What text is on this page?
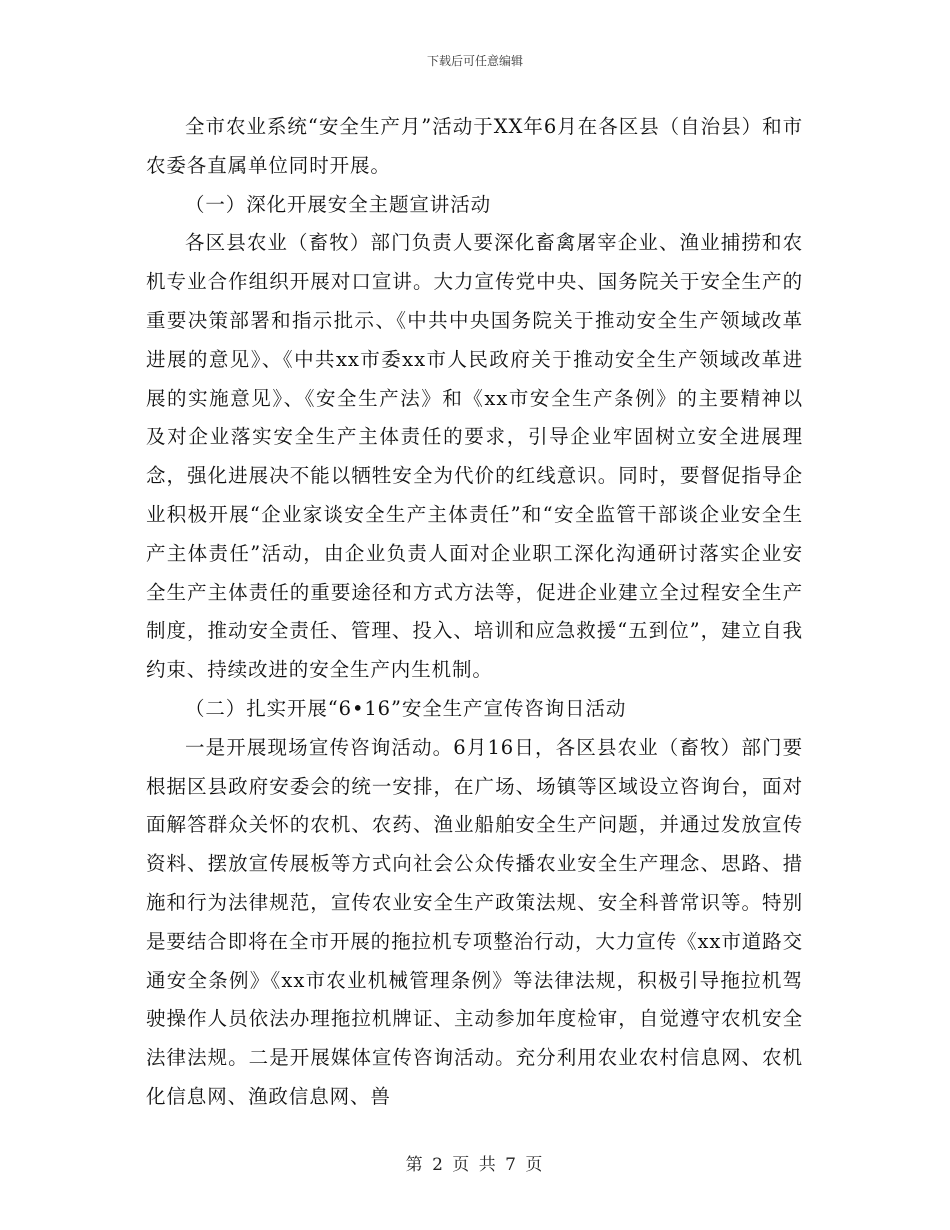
下载后可任意编辑

全市农业系统“安全生产月”活动于XX年6月在各区县（自治县）和市农委各直属单位同时开展。

（一）深化开展安全主题宣讲活动

各区县农业（畜牧）部门负责人要深化畜禽屠宰企业、渔业捕捞和农机专业合作组织开展对口宣讲。大力宣传党中央、国务院关于安全生产的重要决策部署和指示批示、《中共中央国务院关于推动安全生产领域改革进展的意见》、《中共xx市委xx市人民政府关于推动安全生产领域改革进展的实施意见》、《安全生产法》和《xx市安全生产条例》的主要精神以及对企业落实安全生产主体责任的要求，引导企业牢固树立安全进展理念，强化进展决不能以牺牲安全为代价的红线意识。同时，要督促指导企业积极开展“企业家谈安全生产主体责任”和“安全监管干部谈企业安全生产主体责任”活动，由企业负责人面对企业职工深化沟通研讨落实企业安全生产主体责任的重要途径和方式方法等，促进企业建立全过程安全生产制度，推动安全责任、管理、投入、培训和应急救援“五到位”，建立自我约束、持续改进的安全生产内生机制。

（二）扎实开展“6•16”安全生产宣传咨询日活动

一是开展现场宣传咨询活动。6月16日，各区县农业（畜牧）部门要根据区县政府安委会的统一安排，在广场、场镇等区域设立咨询台，面对面解答群众关怀的农机、农药、渔业船舶安全生产问题，并通过发放宣传资料、摆放宣传展板等方式向社会公众传播农业安全生产理念、思路、措施和行为法律规范，宣传农业安全生产政策法规、安全科普常识等。特别是要结合即将在全市开展的拖拉机专项整治行动，大力宣传《xx市道路交通安全条例》《xx市农业机械管理条例》等法律法规，积极引导拖拉机驾驶操作人员依法办理拖拉机牌证、主动参加年度检审，自觉遵守农机安全法律法规。二是开展媒体宣传咨询活动。充分利用农业农村信息网、农机化信息网、渔政信息网、兽

第 2 页 共 7 页
